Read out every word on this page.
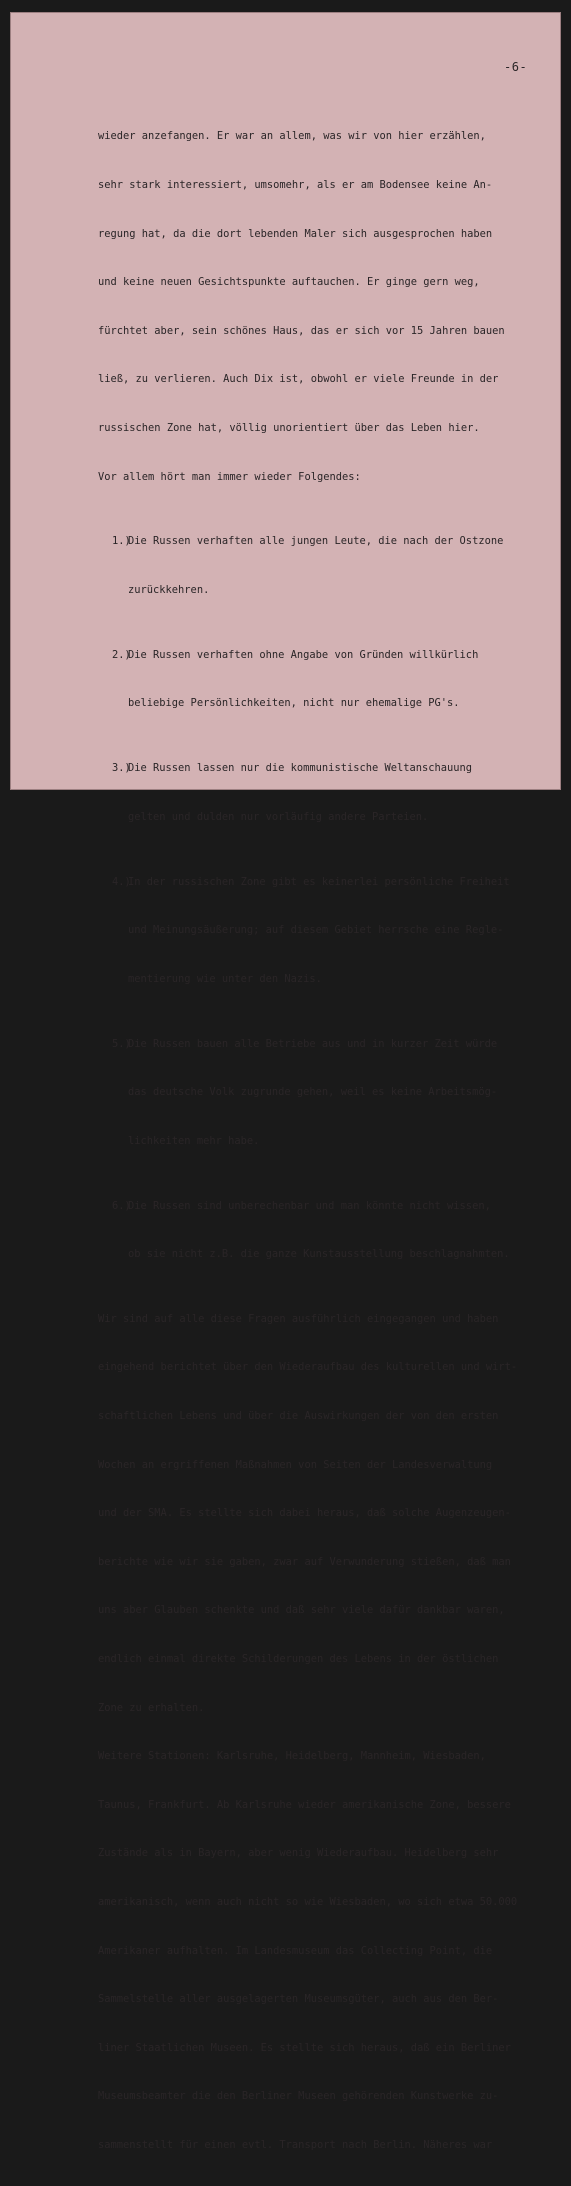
-6-

wieder anzefangen. Er war an allem, was wir von hier erzählen,

sehr stark interessiert, umsomehr, als er am Bodensee keine An-

regung hat, da die dort lebenden Maler sich ausgesprochen haben

und keine neuen Gesichtspunkte auftauchen. Er ginge gern weg,

fürchtet aber, sein schönes Haus, das er sich vor 15 Jahren bauen

ließ, zu verlieren. Auch Dix ist, obwohl er viele Freunde in der

russischen Zone hat, völlig unorientiert über das Leben hier.

Vor allem hört man immer wieder Folgendes:

1.)Die Russen verhaften alle jungen Leute, die nach der Ostzone

zurückkehren.

2.)Die Russen verhaften ohne Angabe von Gründen willkürlich

beliebige Persönlichkeiten, nicht nur ehemalige PG's.

3.)Die Russen lassen nur die kommunistische Weltanschauung

gelten und dulden nur vorläufig andere Parteien.

4.)In der russischen Zone gibt es keinerlei persönliche Freiheit

und Meinungsäußerung; auf diesem Gebiet herrsche eine Regle-

mentierung wie unter den Nazis.

5.)Die Russen bauen alle Betriebe aus und in kurzer Zeit würde

das deutsche Volk zugrunde gehen, weil es keine Arbeitsmög-

lichkeiten mehr habe.

6.)Die Russen sind unberechenbar und man könnte nicht wissen,

ob sie nicht z.B. die ganze Kunstausstellung beschlagnahmten.

Wir sind auf alle diese Fragen ausführlich eingegangen und haben

eingehend berichtet über den Wiederaufbau des kulturellen und wirt-

schaftlichen Lebens und über die Auswirkungen der von den ersten

Wochen an ergriffenen Maßnahmen von Seiten der Landesverwaltung

und der SMA. Es stellte sich dabei heraus, daß solche Augenzeugen-

berichte wie wir sie gaben, zwar auf Verwunderung stießen, daß man

uns aber Glauben schenkte und daß sehr viele dafür dankbar waren,

endlich einmal direkte Schilderungen des Lebens in der östlichen

Zone zu erhalten.

Weitere Stationen: Karlsruhe, Heidelberg, Mannheim, Wiesbaden,

Taunus, Frankfurt. Ab Karlsruhe wieder amerikanische Zone, bessere

Zustände als in Bayern, aber wenig Wiederaufbau. Heidelberg sehr

amerikanisch, wenn auch nicht so wie Wiesbaden, wo sich etwa 50.000

Amerikaner aufhalten. Im Landesmuseum das Collecting Point, die

Sammelstelle aller ausgelagerten Museumsgüter, auch aus den Ber-

liner Staatlichen Museen. Es stellte sich heraus, daß ein Berliner

Museumsbeamter die den Berliner Museen gehörenden Kunstwerke zu-

sammenstellt für einen evtl. Transport nach Berlin. Näheres war
